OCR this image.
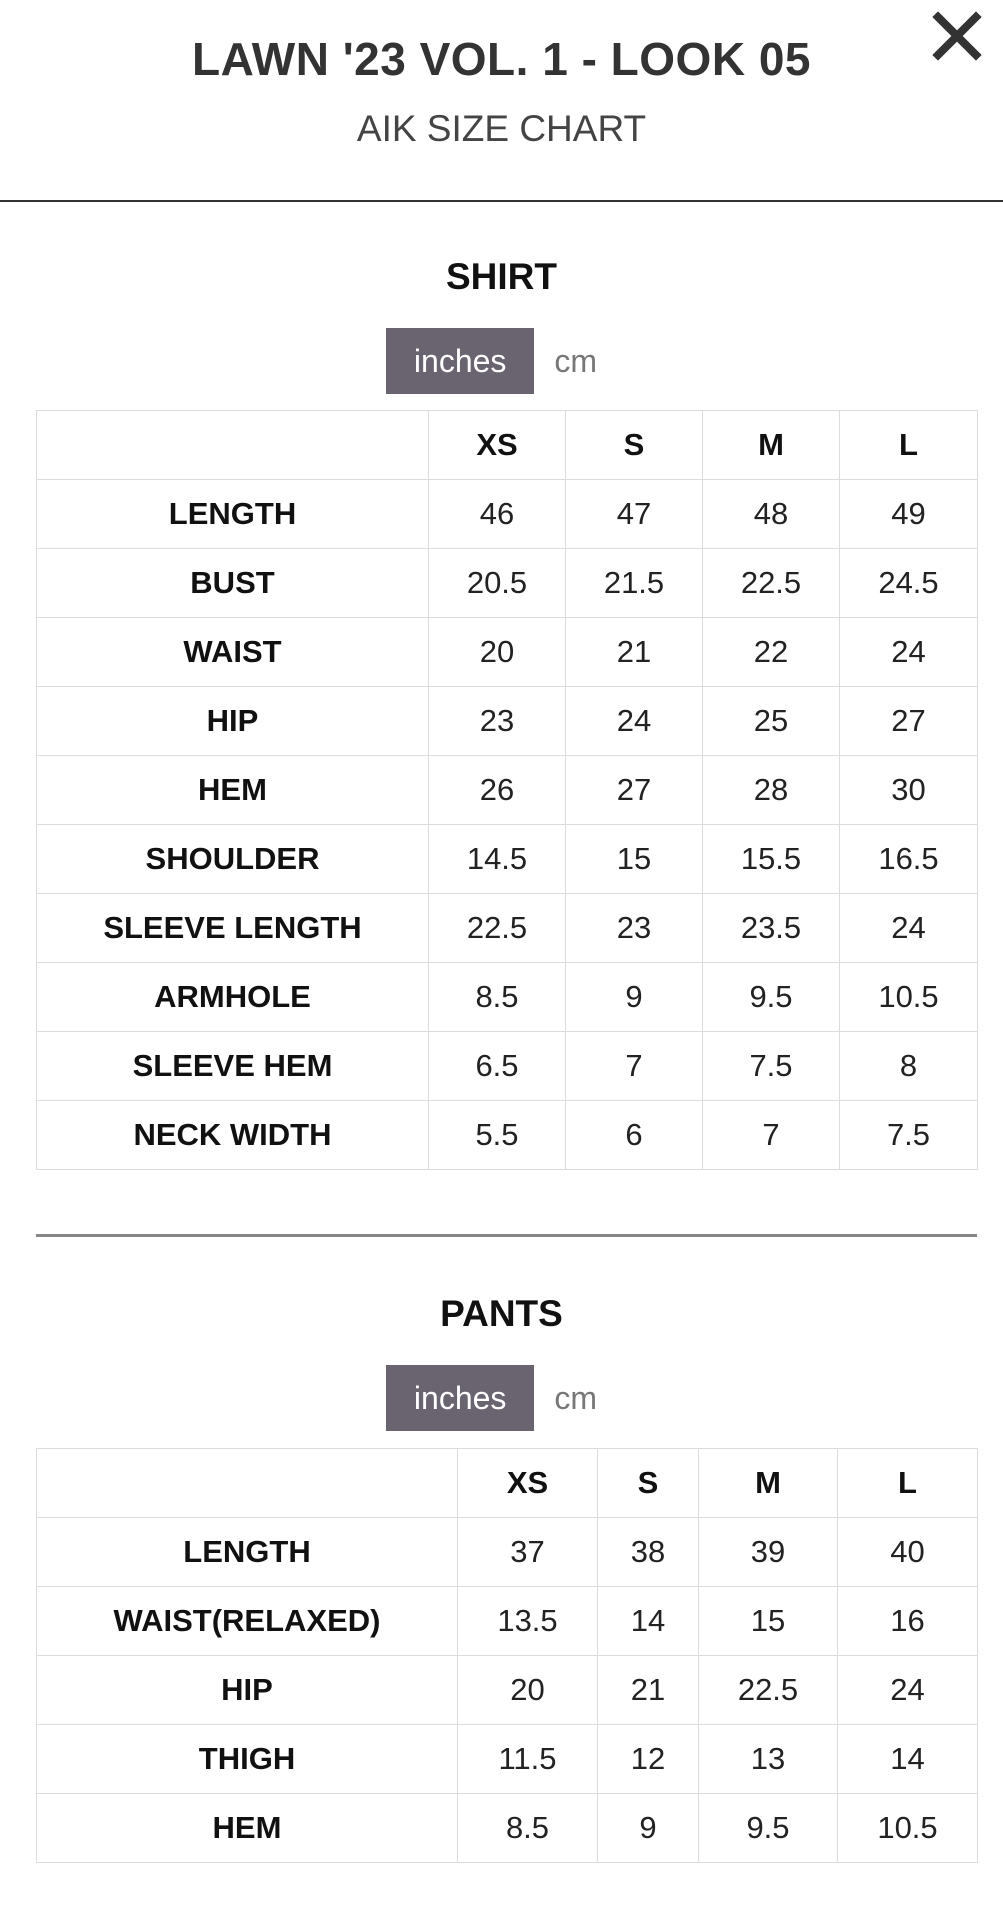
LAWN '23 VOL. 1 - LOOK 05
AIK SIZE CHART
SHIRT
inches	cm
	XS	S	M	L
LENGTH	46	47	48	49
BUST	20.5	21.5	22.5	24.5
WAIST	20	21	22	24
HIP	23	24	25	27
HEM	26	27	28	30
SHOULDER	14.5	15	15.5	16.5
SLEEVE LENGTH	22.5	23	23.5	24
ARMHOLE	8.5	9	9.5	10.5
SLEEVE HEM	6.5	7	7.5	8
NECK WIDTH	5.5	6	7	7.5
PANTS
inches	cm
	XS	S	M	L
LENGTH	37	38	39	40
WAIST(RELAXED)	13.5	14	15	16
HIP	20	21	22.5	24
THIGH	11.5	12	13	14
HEM	8.5	9	9.5	10.5
